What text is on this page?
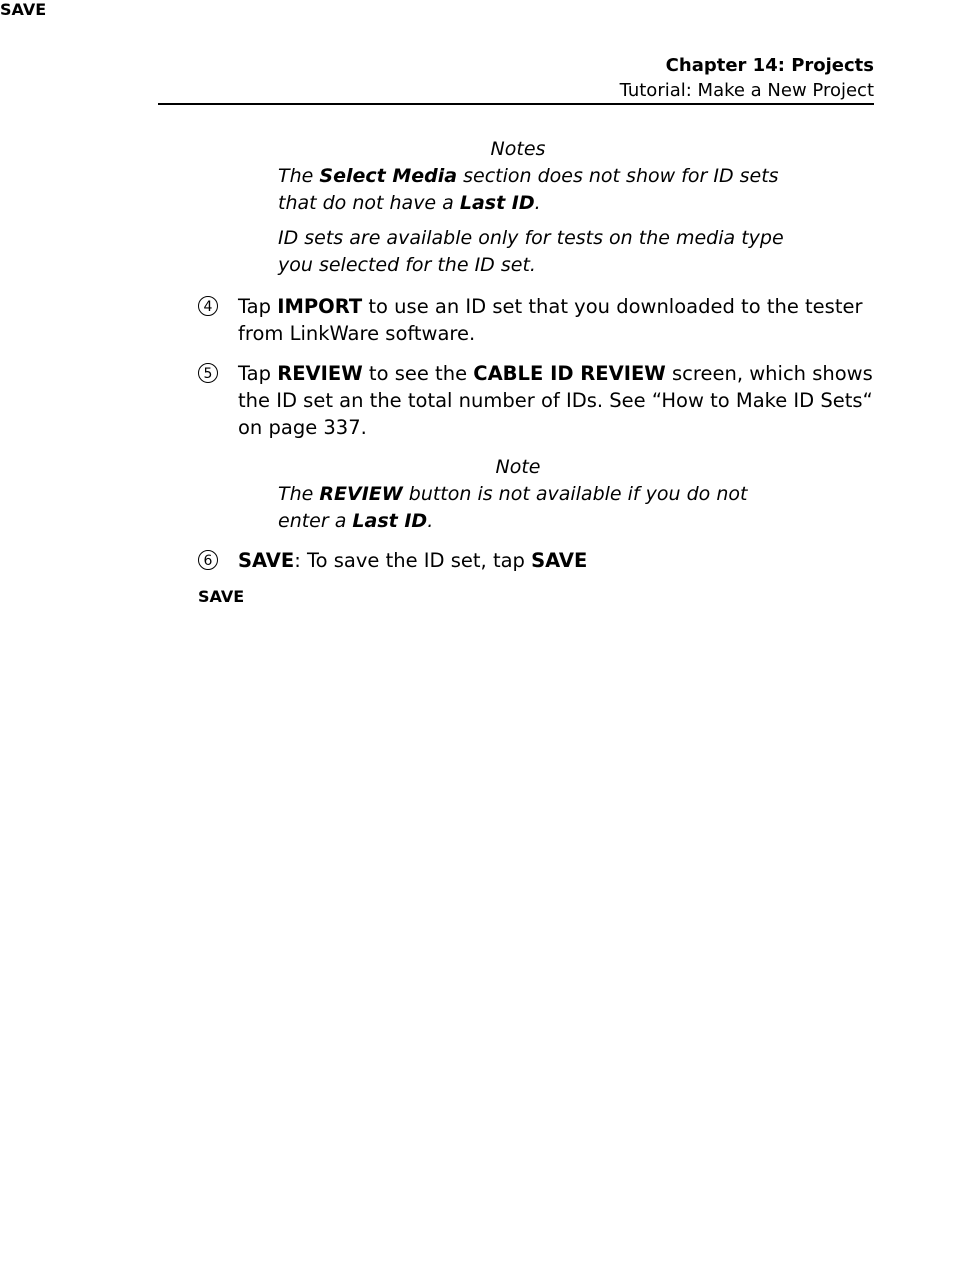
Chapter 14: Projects
Tutorial: Make a New Project

Notes

The Select Media section does not show for ID sets that do not have a Last ID.

ID sets are available only for tests on the media type you selected for the ID set.

4 Tap IMPORT to use an ID set that you downloaded to the tester from LinkWare software.

5 Tap REVIEW to see the CABLE ID REVIEW screen, which shows the ID set an the total number of IDs. See “How to Make ID Sets“ on page 337.

Note

The REVIEW button is not available if you do not enter a Last ID.

6 SAVE: To save the ID set, tap SAVE

SAVE
SAVE
